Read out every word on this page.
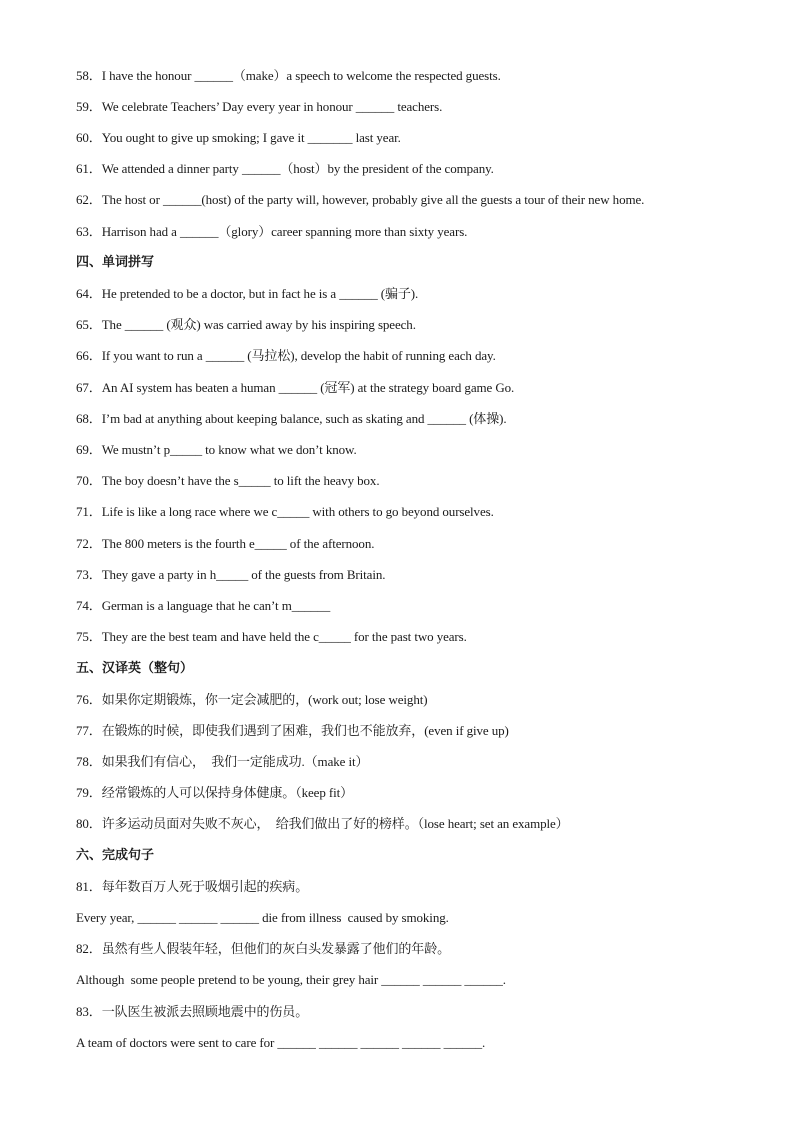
58．I have the honour ______（make）a speech to welcome the respected guests.
59．We celebrate Teachers’ Day every year in honour ______ teachers.
60．You ought to give up smoking; I gave it _______ last year.
61．We attended a dinner party ______（host）by the president of the company.
62．The host or ______(host) of the party will, however, probably give all the guests a tour of their new home.
63．Harrison had a ______（glory）career spanning more than sixty years.
四、单词拼写
64．He pretended to be a doctor, but in fact he is a ______ (骗子).
65．The ______ (观众) was carried away by his inspiring speech.
66．If you want to run a ______ (马拉松), develop the habit of running each day.
67．An AI system has beaten a human ______ (冠军) at the strategy board game Go.
68．I’m bad at anything about keeping balance, such as skating and ______ (体操).
69．We mustn’t p_____ to know what we don’t know.
70．The boy doesn’t have the s_____ to lift the heavy box.
71．Life is like a long race where we c_____ with others to go beyond ourselves.
72．The 800 meters is the fourth e_____ of the afternoon.
73．They gave a party in h_____ of the guests from Britain.
74．German is a language that he can’t m______
75．They are the best team and have held the c_____ for the past two years.
五、汉译英（整句）
76．如果你定期锻炼，你一定会减肥的，(work out; lose weight)
77．在锻炼的时候，即使我们遇到了困难，我们也不能放弃，(even if give up)
78．如果我们有信心，  我们一定能成功.（make it）
79．经常锻炼的人可以保持身体健康。（keep fit）
80．许多运动员面对失败不灰心，  给我们做出了好的榜样。（lose heart; set an example）
六、完成句子
81．每年数百万人死于吸烟引起的疾病。
Every year, ______ ______ ______ die from illness  caused by smoking.
82．虽然有些人假装年轻，但他们的灰白头发暴露了他们的年龄。
Although  some people pretend to be young, their grey hair ______ ______ ______.
83．一队医生被派去照顾地震中的伤员。
A team of doctors were sent to care for ______ ______ ______ ______ ______.
